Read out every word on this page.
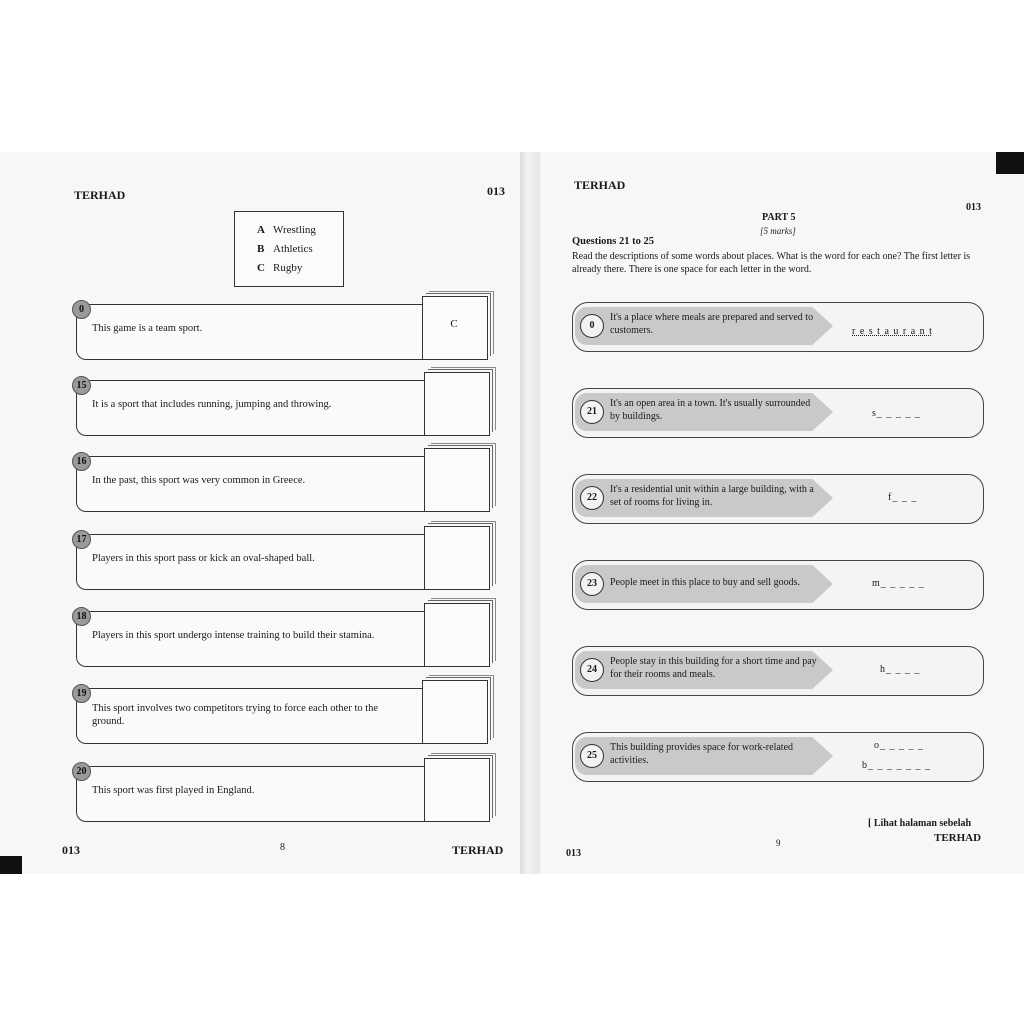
TERHAD	013
A Wrestling
B Athletics
C Rugby
0
This game is a team sport.	C
15
It is a sport that includes running, jumping and throwing.
16
In the past, this sport was very common in Greece.
17
Players in this sport pass or kick an oval-shaped ball.
18
Players in this sport undergo intense training to build their stamina.
19
This sport involves two competitors trying to force each other to the ground.
20
This sport was first played in England.
013	8	TERHAD
TERHAD
013
PART 5
[5 marks]
Questions 21 to 25
Read the descriptions of some words about places. What is the word for each one? The first letter is already there. There is one space for each letter in the word.
0
It's a place where meals are prepared and served to customers.	r e s t a u r a n t
21
It's an open area in a town. It's usually surrounded by buildings.	s_ _ _ _ _
22
It's a residential unit within a large building, with a set of rooms for living in.	f_ _ _
23	People meet in this place to buy and sell goods.	m_ _ _ _ _
24
People stay in this building for a short time and pay for their rooms and meals.	h_ _ _ _
25
This building provides space for work-related activities.
o_ _ _ _ _
b_ _ _ _ _ _ _
[ Lihat halaman sebelah
TERHAD
013
9
